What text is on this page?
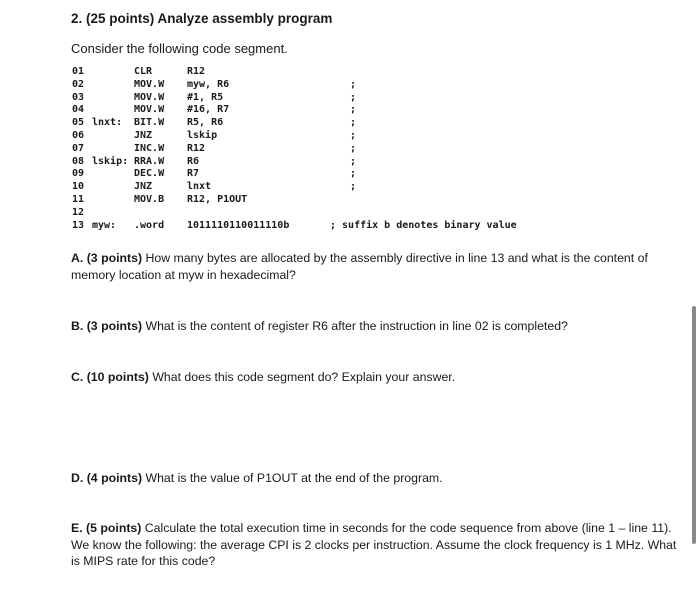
2. (25 points) Analyze assembly program
Consider the following code segment.
01	CLR	R12
02	MOV.W myw, R6	;
03	MOV.W #1, R5	;
04	MOV.W #16, R7	;
05 lnxt: BIT.W R5, R6	;
06	JNZ	lskip	;
07	INC.W R12	;
08 lskip: RRA.W R6	;
09	DEC.W R7	;
10	JNZ	lnxt	;
11	MOV.B R12, P1OUT
12
13 myw: .word 1011110110011110b	; suffix b denotes binary value
A. (3 points) How many bytes are allocated by the assembly directive in line 13 and what is the content of memory location at myw in hexadecimal?
B. (3 points) What is the content of register R6 after the instruction in line 02 is completed?
C. (10 points) What does this code segment do? Explain your answer.
D. (4 points) What is the value of P1OUT at the end of the program.
E. (5 points) Calculate the total execution time in seconds for the code sequence from above (line 1 – line 11). We know the following: the average CPI is 2 clocks per instruction. Assume the clock frequency is 1 MHz. What is MIPS rate for this code?
